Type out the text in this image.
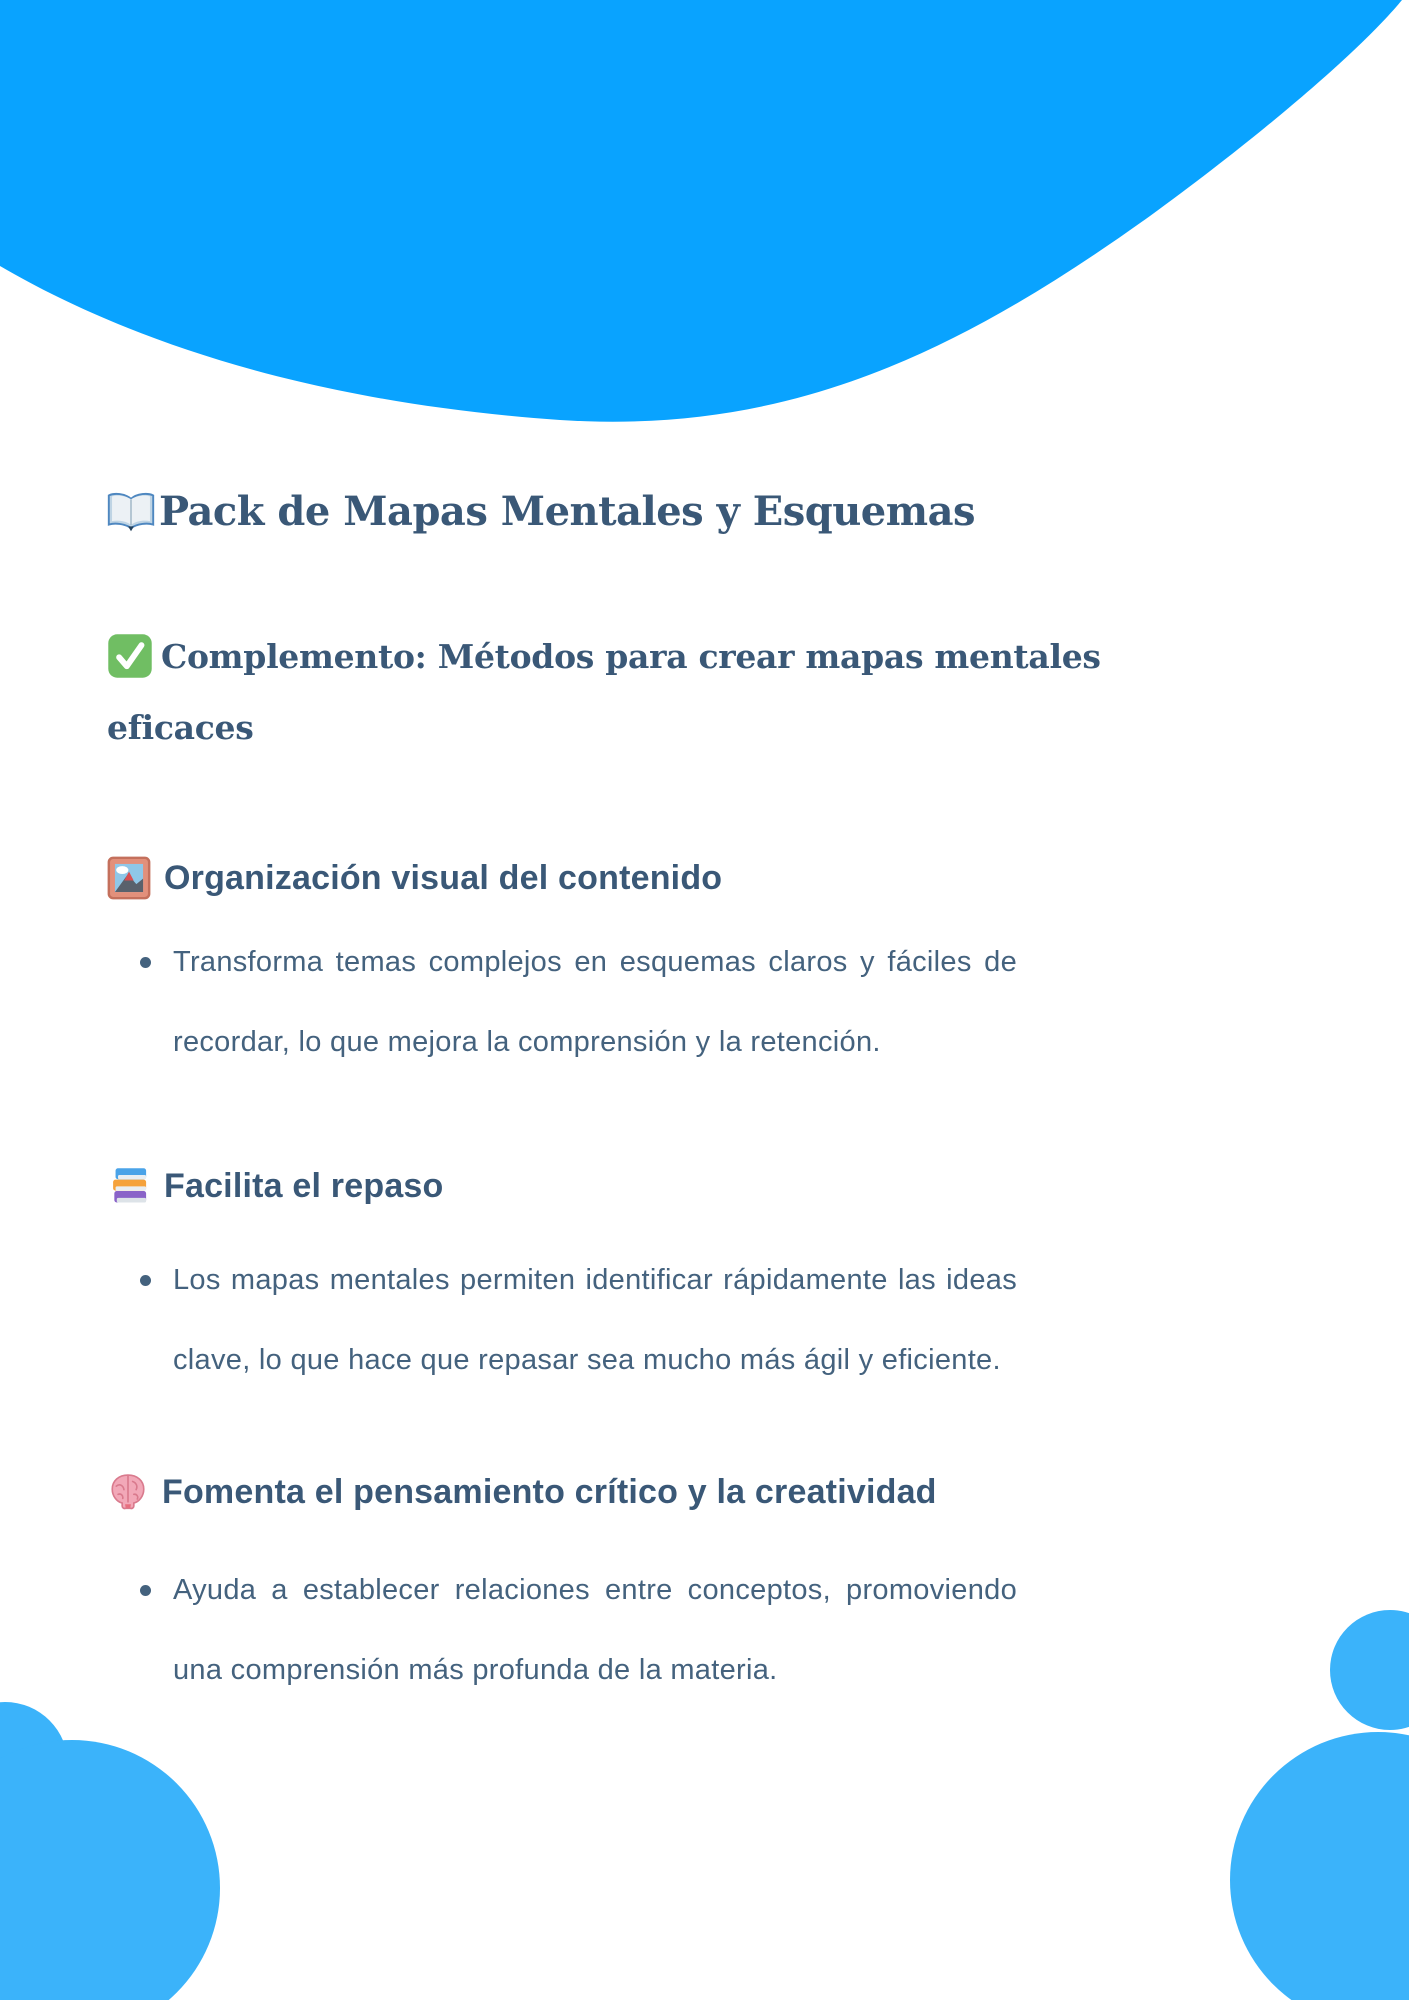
Pack de Mapas Mentales y Esquemas
Complemento: Métodos para crear mapas mentales
eficaces
Organización visual del contenido
Transforma temas complejos en esquemas claros y fáciles de recordar, lo que mejora la comprensión y la retención.
Facilita el repaso
Los mapas mentales permiten identificar rápidamente las ideas clave, lo que hace que repasar sea mucho más ágil y eficiente.
Fomenta el pensamiento crítico y la creatividad
Ayuda a establecer relaciones entre conceptos, promoviendo una comprensión más profunda de la materia.
